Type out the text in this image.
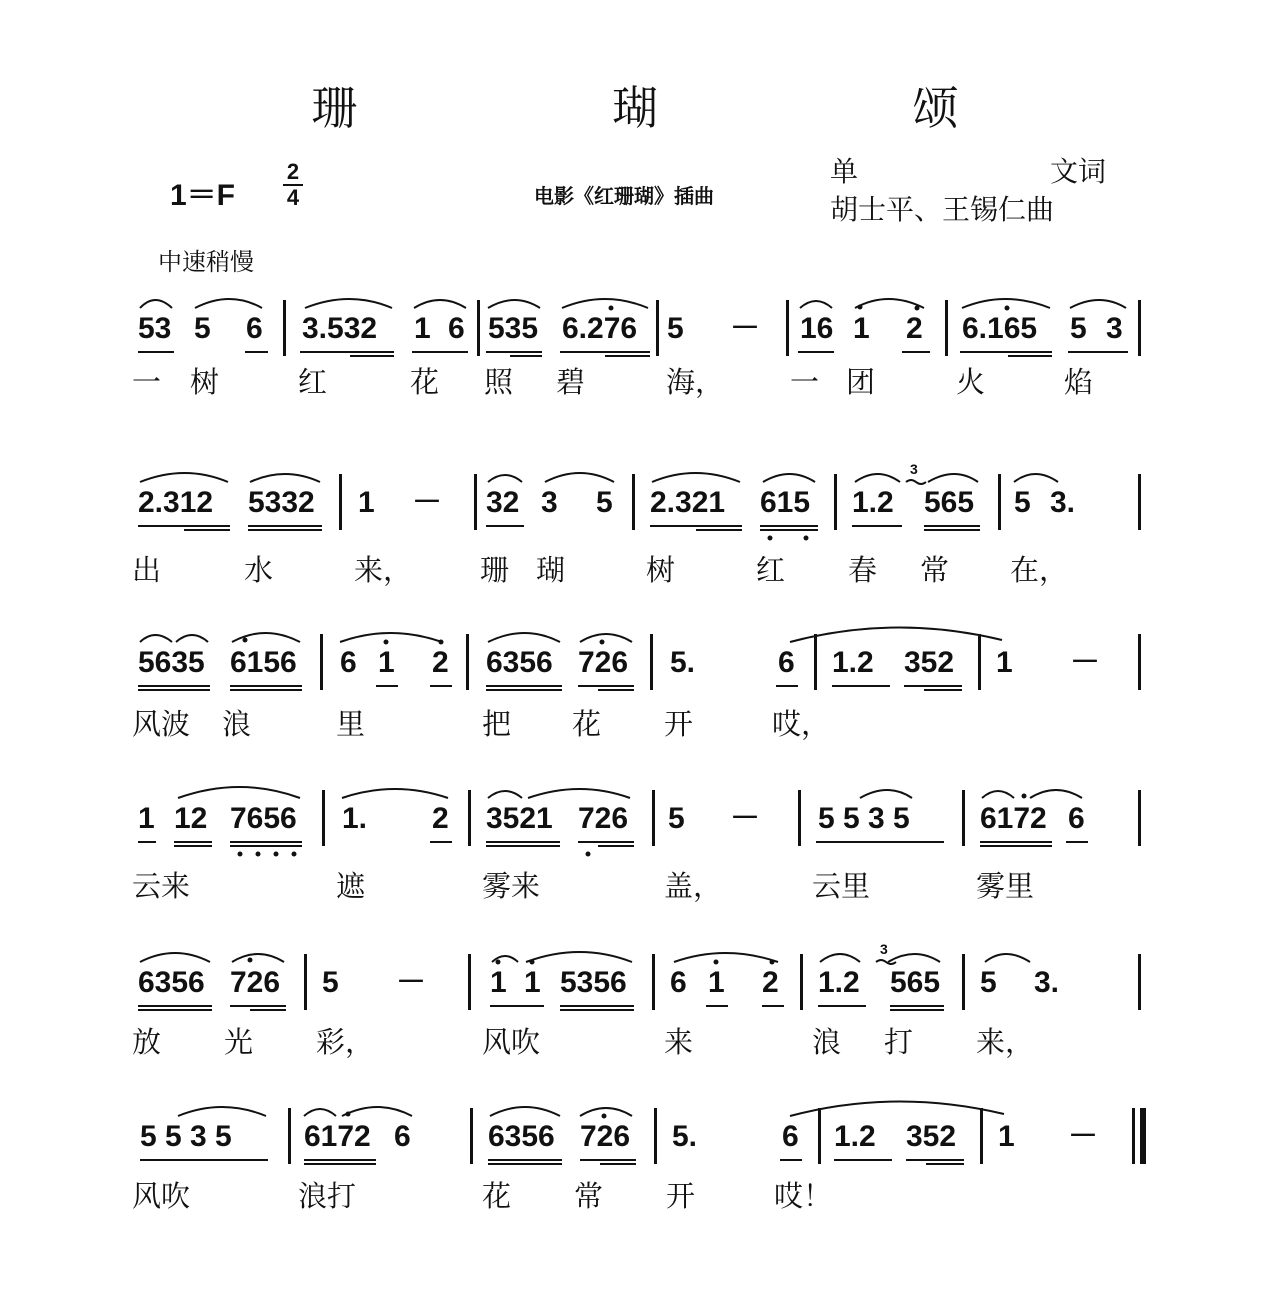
珊 瑚 颂
1＝F
2
4	电影《红珊瑚》插曲
单	文词
胡士平、王锡仁曲
中速稍慢
53 5 6 3.532 1 6 535 6.276 5 － 16 1 2 6.165 5 3
一 树	红	花 照 碧	海， 一 团	火	焰
3
2.312 5332 1 － 32 3 5 2.321 615 1.2 565 5 3.
出	水	来， 珊 瑚	树	红 春 常 在，
5635 6156 6 1 2 6356 726 5.	6 1.2 352 1 －
风波 浪	里	把 花 开	哎，
1 12 7656 1. 2 3521 726 5 － 5 5 3 5 6172 6
云来	遮	雾来	盖，	云里	雾里
3
6356 726 5 － 1 1 5356 6 1 2 1.2 565 5 3.
放 光 彩，	风吹	来	浪 打 来，
5 5 3 5 6172 6	6356 726 5.	6 1.2 352 1 －
风吹	浪打	花 常 开	哎！
